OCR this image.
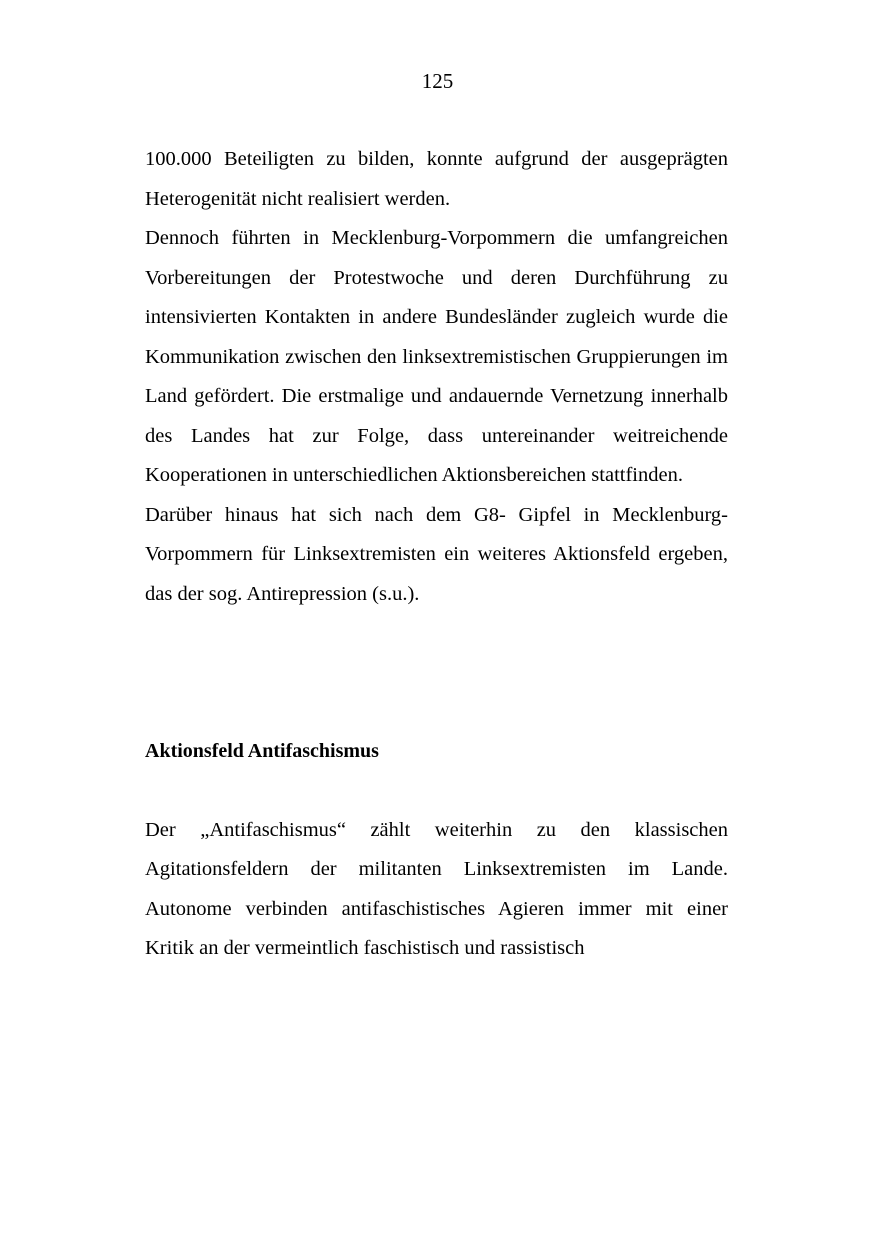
125

100.000 Beteiligten zu bilden, konnte aufgrund der ausgeprägten Heterogenität nicht realisiert werden.

Dennoch führten in Mecklenburg-Vorpommern die umfangreichen Vorbereitungen der Protestwoche und deren Durchführung zu intensivierten Kontakten in andere Bundesländer zugleich wurde die Kommunikation zwischen den linksextremistischen Gruppierungen im Land gefördert. Die erstmalige und andauernde Vernetzung innerhalb des Landes hat zur Folge, dass untereinander weitreichende Kooperationen in unterschiedlichen Aktionsbereichen stattfinden.

Darüber hinaus hat sich nach dem G8- Gipfel in Mecklenburg-Vorpommern für Linksextremisten ein weiteres Aktionsfeld ergeben, das der sog. Antirepression (s.u.).

Aktionsfeld Antifaschismus

Der „Antifaschismus“ zählt weiterhin zu den klassischen Agitationsfeldern der militanten Linksextremisten im Lande. Autonome verbinden antifaschistisches Agieren immer mit einer Kritik an der vermeintlich faschistisch und rassistisch
